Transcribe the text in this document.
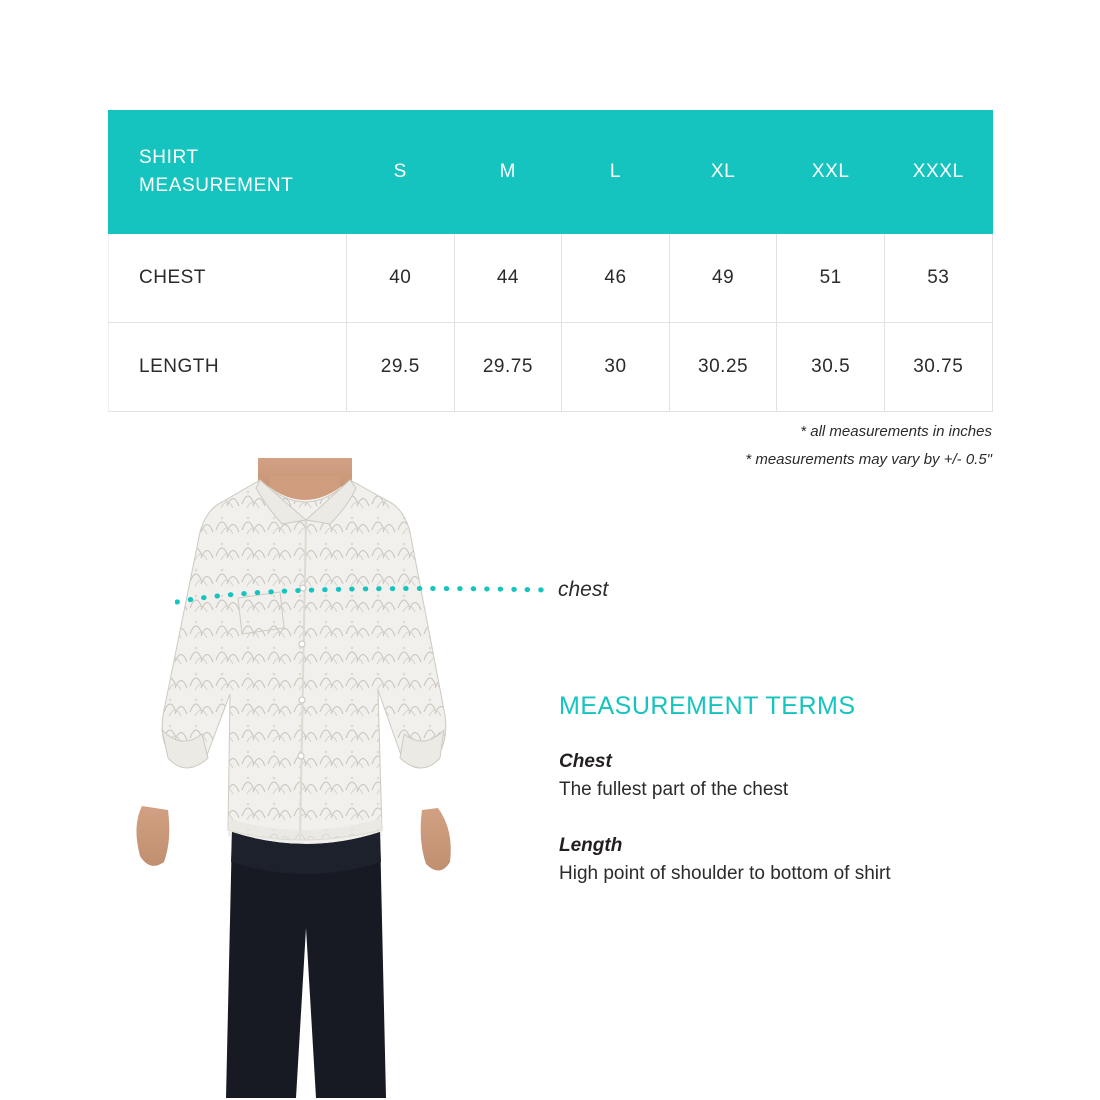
SHIRT
MEASUREMENT	S	M	L	XL	XXL	XXXL
CHEST	40	44	46	49	51	53
LENGTH	29.5	29.75	30	30.25	30.5	30.75
* all measurements in inches
* measurements may vary by +/- 0.5"
chest
MEASUREMENT TERMS

Chest

The fullest part of the chest

Length

High point of shoulder to bottom of shirt
